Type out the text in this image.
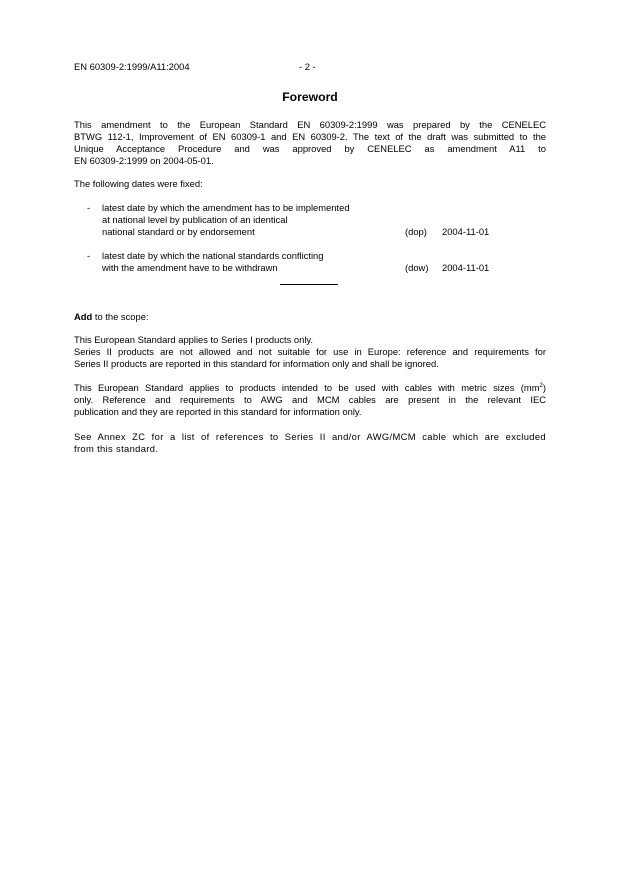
EN 60309-2:1999/A11:2004	- 2 -
Foreword
This amendment to the European Standard EN 60309-2:1999 was prepared by the CENELEC
BTWG 112-1, Improvement of EN 60309-1 and EN 60309-2. The text of the draft was submitted to the
Unique Acceptance Procedure and was approved by CENELEC as amendment A11 to
EN 60309-2:1999 on 2004-05-01.
The following dates were fixed:
- latest date by which the amendment has to be implemented
at national level by publication of an identical
national standard or by endorsement	(dop) 2004-11-01
- latest date by which the national standards conflicting
with the amendment have to be withdrawn	(dow) 2004-11-01
Add to the scope:
This European Standard applies to Series I products only.
Series II products are not allowed and not suitable for use in Europe: reference and requirements for
Series II products are reported in this standard for information only and shall be ignored.
This European Standard applies to products intended to be used with cables with metric sizes $(mm^2)$
only. Reference and requirements to AWG and MCM cables are present in the relevant IEC
publication and they are reported in this standard for information only.
See Annex ZC for a list of references to Series II and/or AWG/MCM cable which are excluded
from this standard.
